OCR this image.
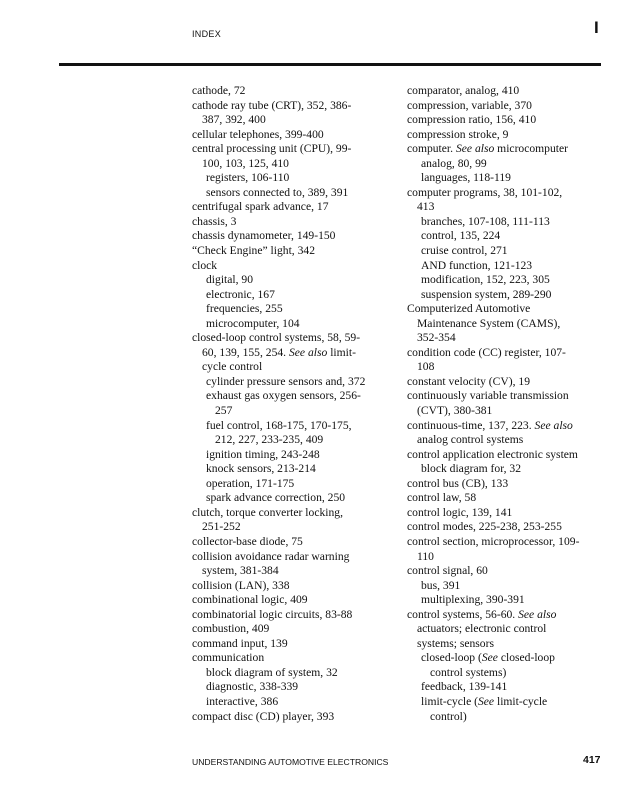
INDEX	I
cathode, 72
cathode ray tube (CRT), 352, 386-
387, 392, 400
cellular telephones, 399-400
central processing unit (CPU), 99-
100, 103, 125, 410
registers, 106-110
sensors connected to, 389, 391
centrifugal spark advance, 17
chassis, 3
chassis dynamometer, 149-150
“Check Engine” light, 342
clock
digital, 90
electronic, 167
frequencies, 255
microcomputer, 104
closed-loop control systems, 58, 59-
60, 139, 155, 254. See also limit-
cycle control
cylinder pressure sensors and, 372
exhaust gas oxygen sensors, 256-
257
fuel control, 168-175, 170-175,
212, 227, 233-235, 409
ignition timing, 243-248
knock sensors, 213-214
operation, 171-175
spark advance correction, 250
clutch, torque converter locking,
251-252
collector-base diode, 75
collision avoidance radar warning
system, 381-384
collision (LAN), 338
combinational logic, 409
combinatorial logic circuits, 83-88
combustion, 409
command input, 139
communication
block diagram of system, 32
diagnostic, 338-339
interactive, 386
compact disc (CD) player, 393
comparator, analog, 410
compression, variable, 370
compression ratio, 156, 410
compression stroke, 9
computer. See also microcomputer
analog, 80, 99
languages, 118-119
computer programs, 38, 101-102,
413
branches, 107-108, 111-113
control, 135, 224
cruise control, 271
AND function, 121-123
modification, 152, 223, 305
suspension system, 289-290
Computerized Automotive
Maintenance System (CAMS),
352-354
condition code (CC) register, 107-
108
constant velocity (CV), 19
continuously variable transmission
(CVT), 380-381
continuous-time, 137, 223. See also
analog control systems
control application electronic system
block diagram for, 32
control bus (CB), 133
control law, 58
control logic, 139, 141
control modes, 225-238, 253-255
control section, microprocessor, 109-
110
control signal, 60
bus, 391
multiplexing, 390-391
control systems, 56-60. See also
actuators; electronic control
systems; sensors
closed-loop (See closed-loop
control systems)
feedback, 139-141
limit-cycle (See limit-cycle
control)
UNDERSTANDING AUTOMOTIVE ELECTRONICS	417
